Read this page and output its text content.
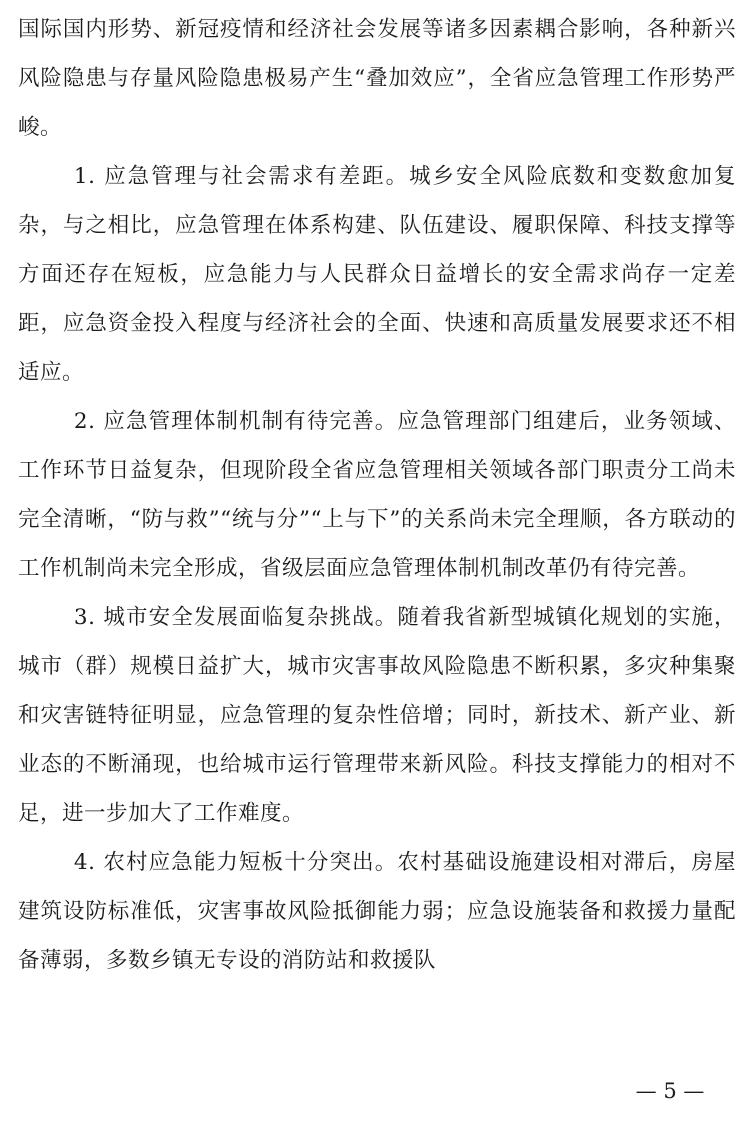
国际国内形势、新冠疫情和经济社会发展等诸多因素耦合影响，各种新兴风险隐患与存量风险隐患极易产生“叠加效应”，全省应急管理工作形势严峻。

1. 应急管理与社会需求有差距。城乡安全风险底数和变数愈加复杂，与之相比，应急管理在体系构建、队伍建设、履职保障、科技支撑等方面还存在短板，应急能力与人民群众日益增长的安全需求尚存一定差距，应急资金投入程度与经济社会的全面、快速和高质量发展要求还不相适应。

2. 应急管理体制机制有待完善。应急管理部门组建后，业务领域、工作环节日益复杂，但现阶段全省应急管理相关领域各部门职责分工尚未完全清晰，“防与救”“统与分”“上与下”的关系尚未完全理顺，各方联动的工作机制尚未完全形成，省级层面应急管理体制机制改革仍有待完善。

3. 城市安全发展面临复杂挑战。随着我省新型城镇化规划的实施，城市（群）规模日益扩大，城市灾害事故风险隐患不断积累，多灾种集聚和灾害链特征明显，应急管理的复杂性倍增；同时，新技术、新产业、新业态的不断涌现，也给城市运行管理带来新风险。科技支撑能力的相对不足，进一步加大了工作难度。

4. 农村应急能力短板十分突出。农村基础设施建设相对滞后，房屋建筑设防标准低，灾害事故风险抵御能力弱；应急设施装备和救援力量配备薄弱，多数乡镇无专设的消防站和救援队

— 5 —
